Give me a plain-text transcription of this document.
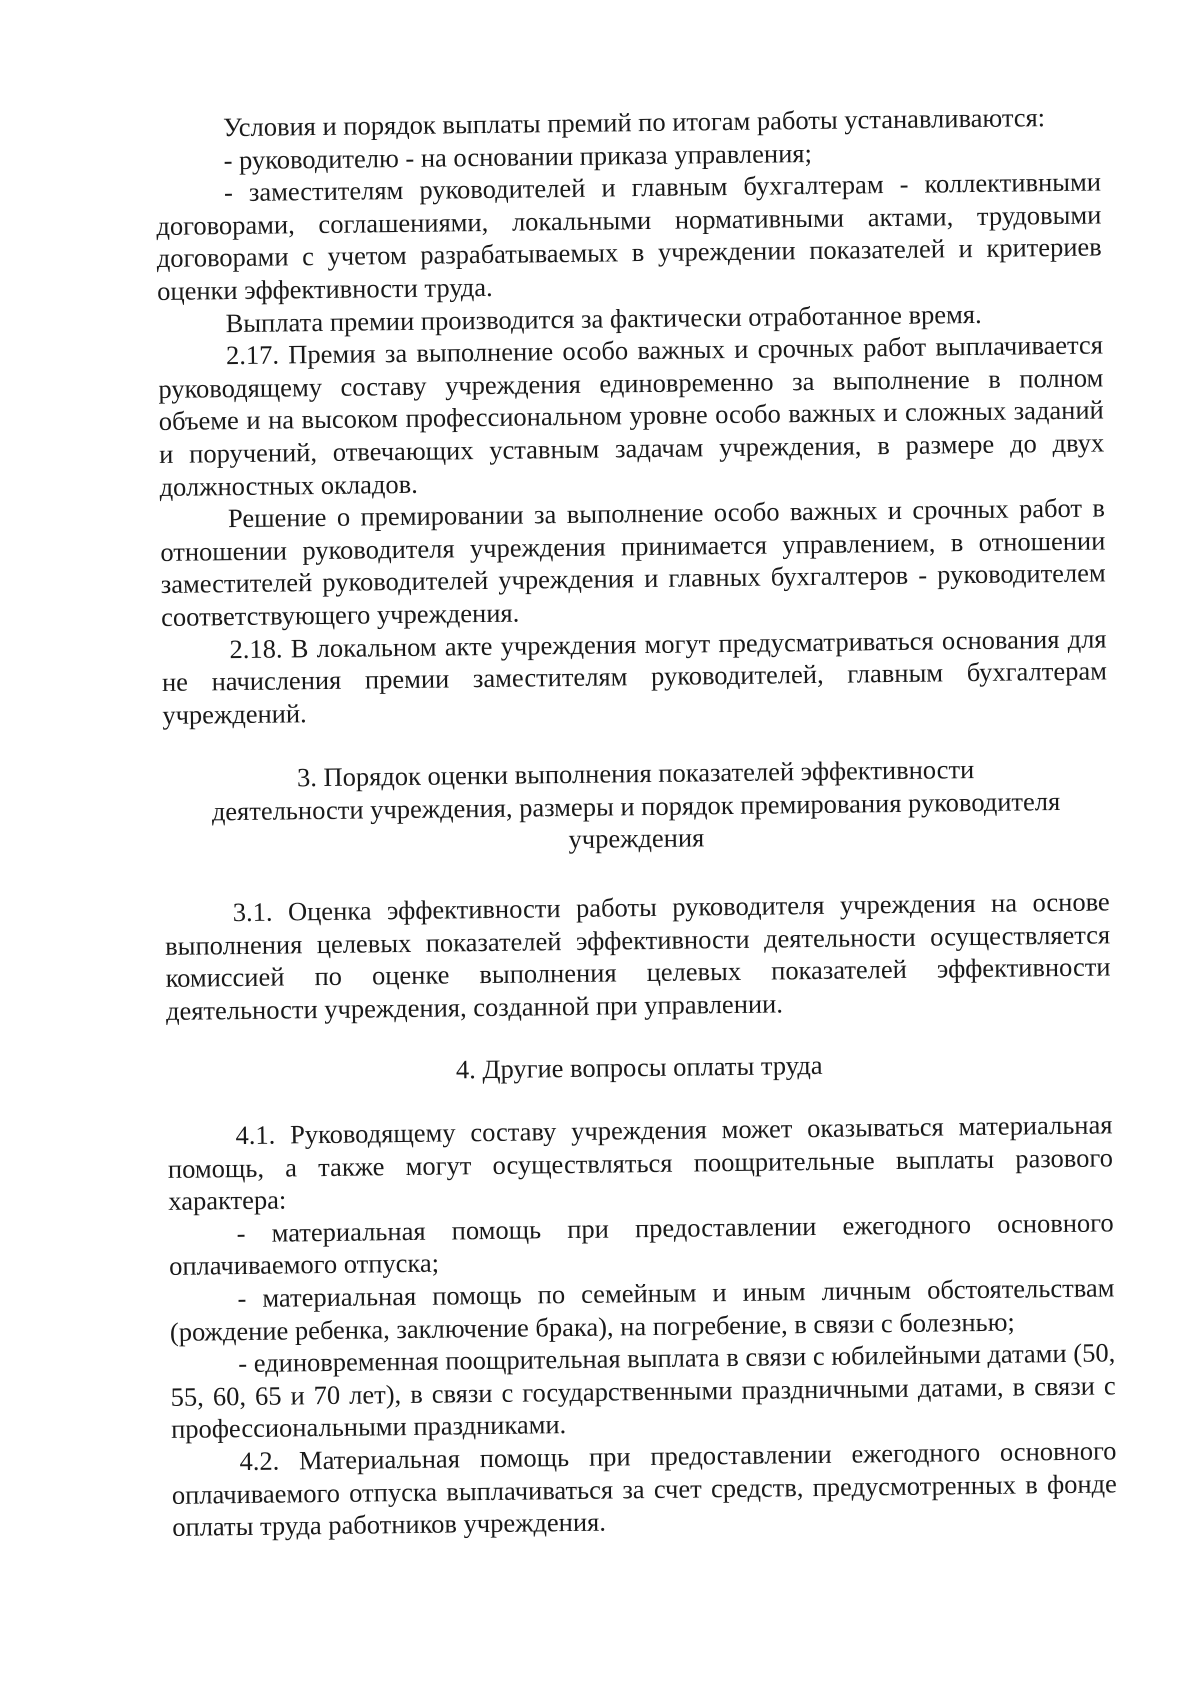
Условия и порядок выплаты премий по итогам работы устанавливаются:

- руководителю - на основании приказа управления;

- заместителям руководителей и главным бухгалтерам - коллективными договорами, соглашениями, локальными нормативными актами, трудовыми договорами с учетом разрабатываемых в учреждении показателей и критериев оценки эффективности труда.

Выплата премии производится за фактически отработанное время.

2.17. Премия за выполнение особо важных и срочных работ выплачивается руководящему составу учреждения единовременно за выполнение в полном объеме и на высоком профессиональном уровне особо важных и сложных заданий и поручений, отвечающих уставным задачам учреждения, в размере до двух должностных окладов.

Решение о премировании за выполнение особо важных и срочных работ в отношении руководителя учреждения принимается управлением, в отношении заместителей руководителей учреждения и главных бухгалтеров - руководителем соответствующего учреждения.

2.18. В локальном акте учреждения могут предусматриваться основания для не начисления премии заместителям руководителей, главным бухгалтерам учреждений.

3. Порядок оценки выполнения показателей эффективности
деятельности учреждения, размеры и порядок премирования руководителя
учреждения

3.1. Оценка эффективности работы руководителя учреждения на основе выполнения целевых показателей эффективности деятельности осуществляется комиссией по оценке выполнения целевых показателей эффективности деятельности учреждения, созданной при управлении.

4. Другие вопросы оплаты труда

4.1. Руководящему составу учреждения может оказываться материальная помощь, а также могут осуществляться поощрительные выплаты разового характера:

- материальная помощь при предоставлении ежегодного основного оплачиваемого отпуска;

- материальная помощь по семейным и иным личным обстоятельствам (рождение ребенка, заключение брака), на погребение, в связи с болезнью;

- единовременная поощрительная выплата в связи с юбилейными датами (50, 55, 60, 65 и 70 лет), в связи с государственными праздничными датами, в связи с профессиональными праздниками.

4.2. Материальная помощь при предоставлении ежегодного основного оплачиваемого отпуска выплачиваться за счет средств, предусмотренных в фонде оплаты труда работников учреждения.
